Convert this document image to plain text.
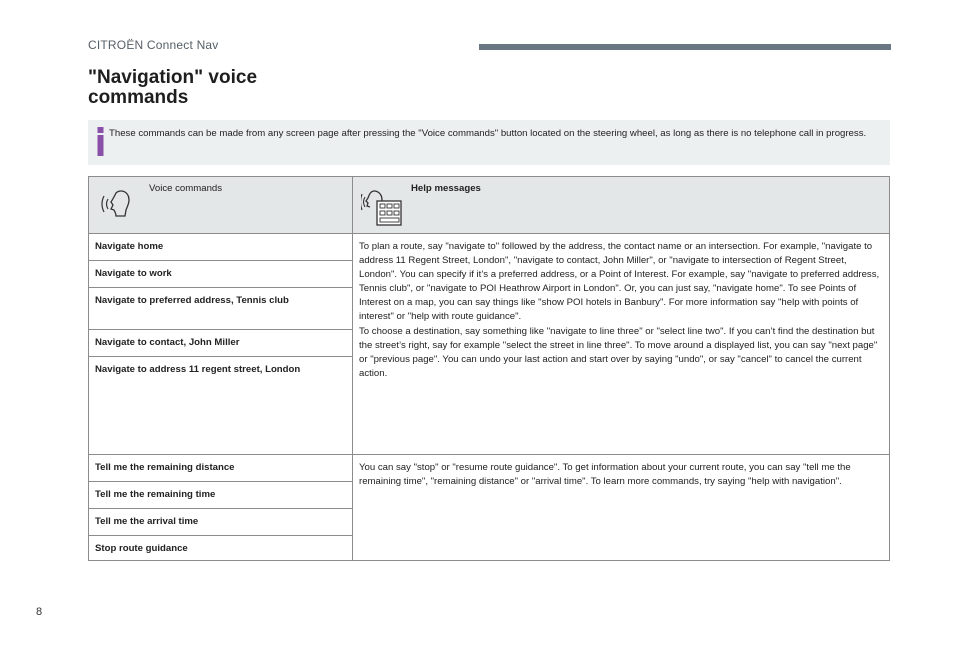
CITROËN Connect Nav
"Navigation" voice
commands
These commands can be made from any screen page after pressing the "Voice commands" button located on the steering wheel, as long as there is no telephone call in progress.
Voice commands	Help messages

Navigate home	To plan a route, say "navigate to" followed by the address, the contact name or an intersection. For example, "navigate to address 11 Regent Street, London", "navigate to contact, John Miller", or "navigate to intersection of Regent Street, London". You can specify if it’s a preferred address, or a Point of Interest. For example, say "navigate to preferred address, Tennis club", or "navigate to POI Heathrow Airport in London". Or, you can just say, "navigate home". To see Points of Interest on a map, you can say things like "show POI hotels in Banbury". For more information say "help with points of interest" or "help with route guidance".
To choose a destination, say something like "navigate to line three" or "select line two". If you can’t find the destination but the street’s right, say for example "select the street in line three". To move around a displayed list, you can say "next page" or "previous page". You can undo your last action and start over by saying "undo", or say "cancel" to cancel the current action.

Navigate to work	
Navigate to preferred address, Tennis club	
Navigate to contact, John Miller	
Navigate to address 11 regent street, London	
Tell me the remaining distance	You can say "stop" or "resume route guidance". To get information about your current route, you can say "tell me the remaining time", "remaining distance" or "arrival time". To learn more commands, try saying "help with navigation".
Tell me the remaining time	
Tell me the arrival time	
Stop route guidance	
8
